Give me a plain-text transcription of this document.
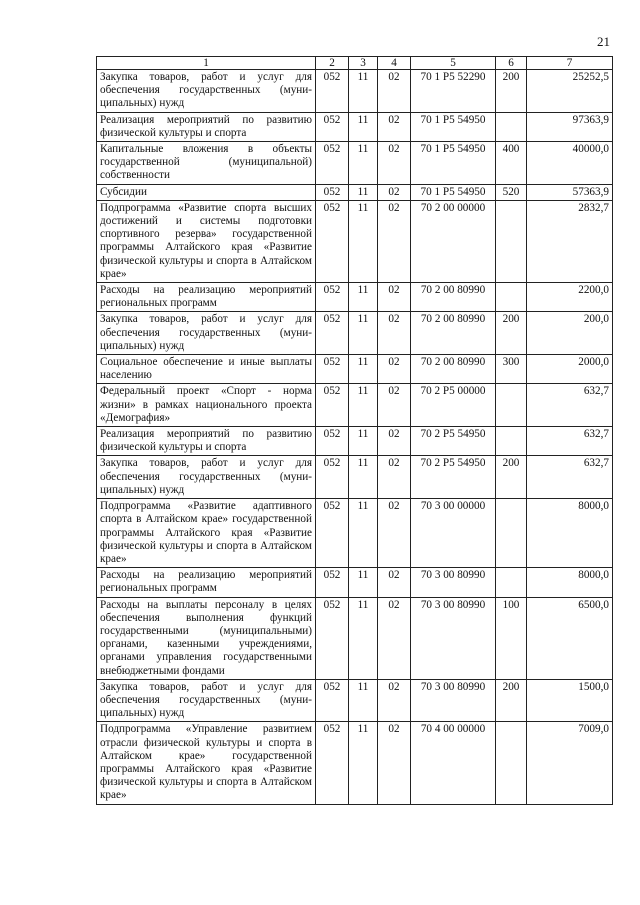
21
1	2	3	4	5	6	7
Закупка товаров, работ и услуг для обеспечения государственных (муниципальных) нужд	052	11	02	70 1 Р5 52290	200	25252,5
Реализация мероприятий по развитию физической культуры и спорта	052	11	02	70 1 Р5 54950		97363,9
Капитальные вложения в объекты государственной (муниципальной) собственности	052	11	02	70 1 Р5 54950	400	40000,0
Субсидии	052	11	02	70 1 Р5 54950	520	57363,9
Подпрограмма «Развитие спорта высших достижений и системы подготовки спортивного резерва» государственной программы Алтайского края «Развитие физической культуры и спорта в Алтайском крае»	052	11	02	70 2 00 00000		2832,7
Расходы на реализацию мероприятий региональных программ	052	11	02	70 2 00 80990		2200,0
Закупка товаров, работ и услуг для обеспечения государственных (муниципальных) нужд	052	11	02	70 2 00 80990	200	200,0
Социальное обеспечение и иные выплаты населению	052	11	02	70 2 00 80990	300	2000,0
Федеральный проект «Спорт - норма жизни» в рамках национального проекта «Демография»	052	11	02	70 2 Р5 00000		632,7
Реализация мероприятий по развитию физической культуры и спорта	052	11	02	70 2 Р5 54950		632,7
Закупка товаров, работ и услуг для обеспечения государственных (муниципальных) нужд	052	11	02	70 2 Р5 54950	200	632,7
Подпрограмма «Развитие адаптивного спорта в Алтайском крае» государственной программы Алтайского края «Развитие физической культуры и спорта в Алтайском крае»	052	11	02	70 3 00 00000		8000,0
Расходы на реализацию мероприятий региональных программ	052	11	02	70 3 00 80990		8000,0
Расходы на выплаты персоналу в целях обеспечения выполнения функций государственными (муниципальными) органами, казенными учреждениями, органами управления государственными внебюджетными фондами	052	11	02	70 3 00 80990	100	6500,0
Закупка товаров, работ и услуг для обеспечения государственных (муниципальных) нужд	052	11	02	70 3 00 80990	200	1500,0
Подпрограмма «Управление развитием отрасли физической культуры и спорта в Алтайском крае» государственной программы Алтайского края «Развитие физической культуры и спорта в Алтайском крае»	052	11	02	70 4 00 00000		7009,0
